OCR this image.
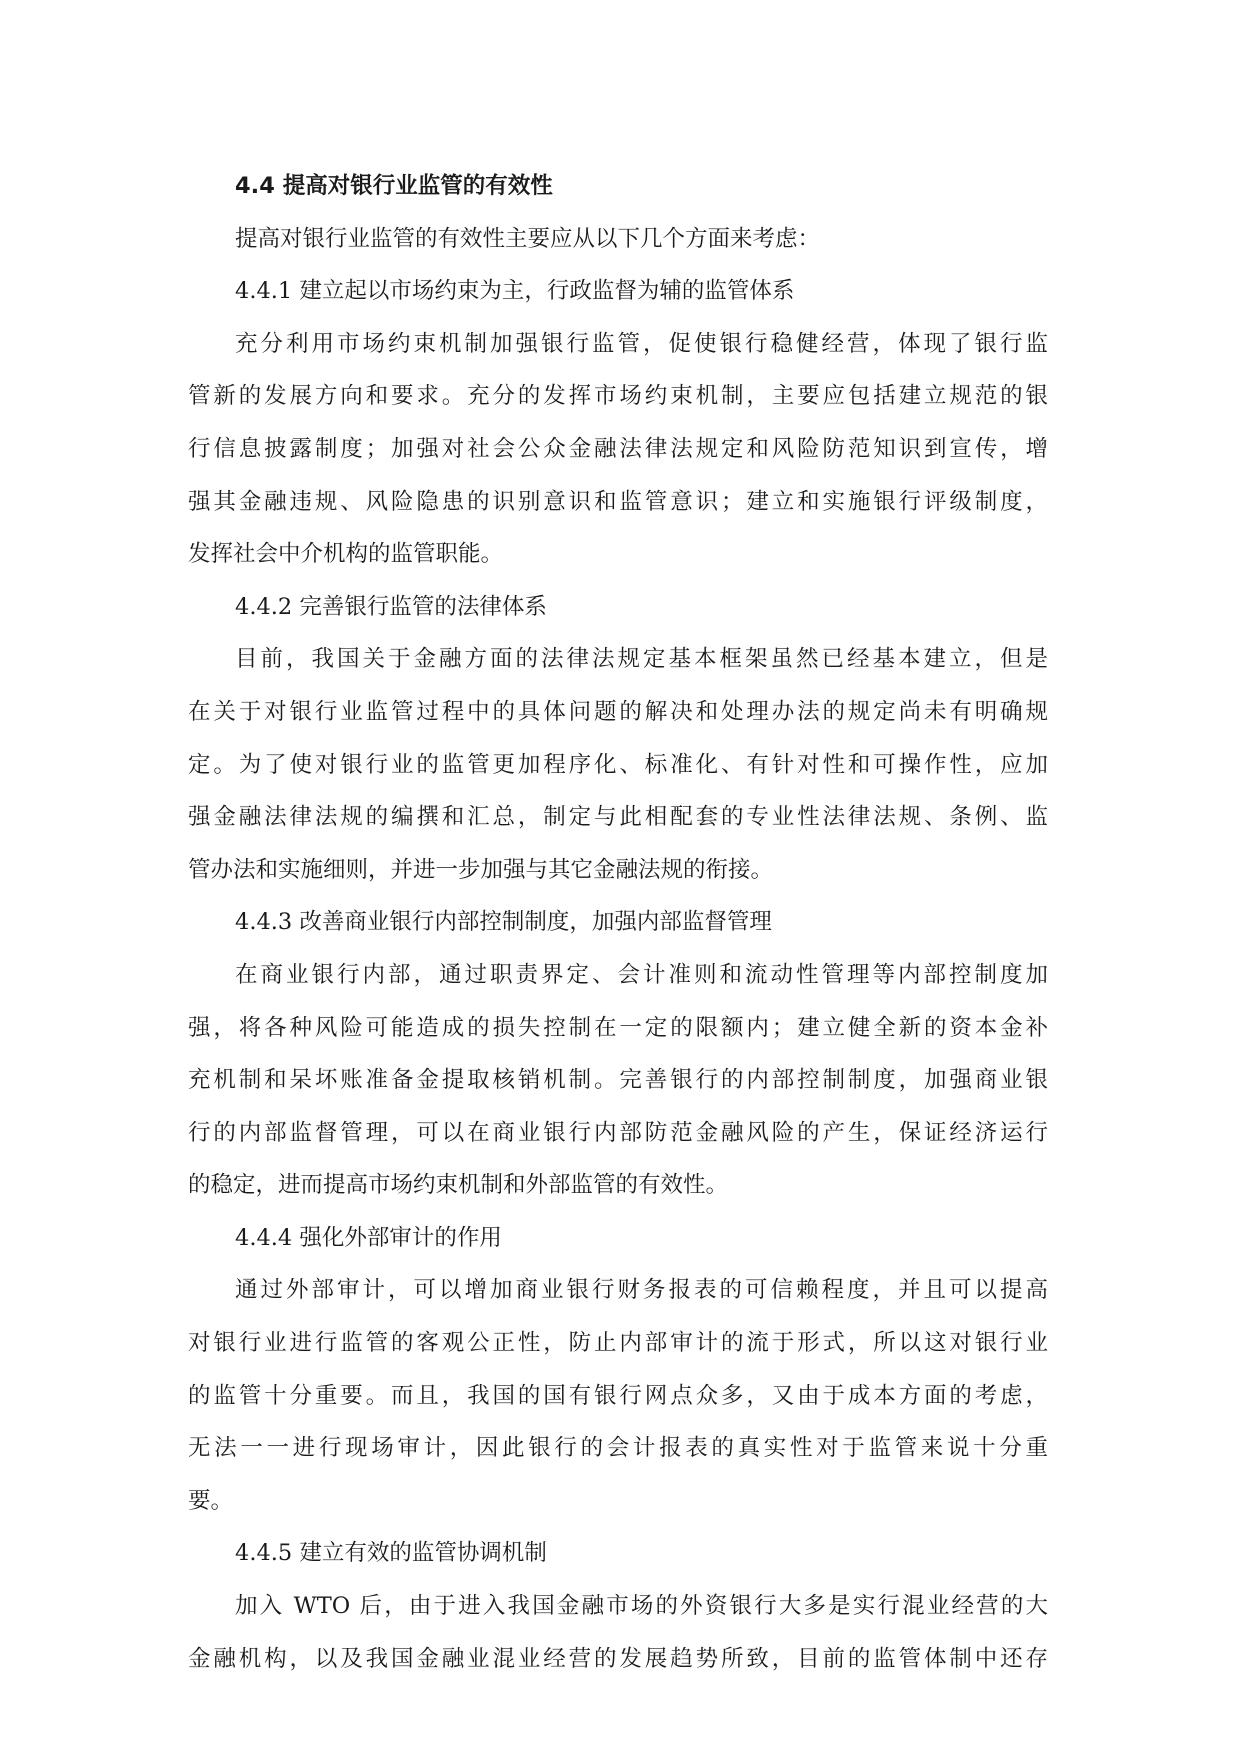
4.4 提高对银行业监管的有效性

提高对银行业监管的有效性主要应从以下几个方面来考虑：

4.4.1 建立起以市场约束为主，行政监督为辅的监管体系

充分利用市场约束机制加强银行监管，促使银行稳健经营，体现了银行监
管新的发展方向和要求。充分的发挥市场约束机制，主要应包括建立规范的银
行信息披露制度；加强对社会公众金融法律法规定和风险防范知识到宣传，增
强其金融违规、风险隐患的识别意识和监管意识；建立和实施银行评级制度，
发挥社会中介机构的监管职能。

4.4.2 完善银行监管的法律体系

目前，我国关于金融方面的法律法规定基本框架虽然已经基本建立，但是
在关于对银行业监管过程中的具体问题的解决和处理办法的规定尚未有明确规
定。为了使对银行业的监管更加程序化、标准化、有针对性和可操作性，应加
强金融法律法规的编撰和汇总，制定与此相配套的专业性法律法规、条例、监
管办法和实施细则，并进一步加强与其它金融法规的衔接。

4.4.3 改善商业银行内部控制制度，加强内部监督管理

在商业银行内部，通过职责界定、会计准则和流动性管理等内部控制度加
强，将各种风险可能造成的损失控制在一定的限额内；建立健全新的资本金补
充机制和呆坏账准备金提取核销机制。完善银行的内部控制制度，加强商业银
行的内部监督管理，可以在商业银行内部防范金融风险的产生，保证经济运行
的稳定，进而提高市场约束机制和外部监管的有效性。

4.4.4 强化外部审计的作用

通过外部审计，可以增加商业银行财务报表的可信赖程度，并且可以提高
对银行业进行监管的客观公正性，防止内部审计的流于形式，所以这对银行业
的监管十分重要。而且，我国的国有银行网点众多，又由于成本方面的考虑，
无法一一进行现场审计，因此银行的会计报表的真实性对于监管来说十分重
要。

4.4.5 建立有效的监管协调机制

加入 WTO 后，由于进入我国金融市场的外资银行大多是实行混业经营的大
金融机构，以及我国金融业混业经营的发展趋势所致，目前的监管体制中还存
